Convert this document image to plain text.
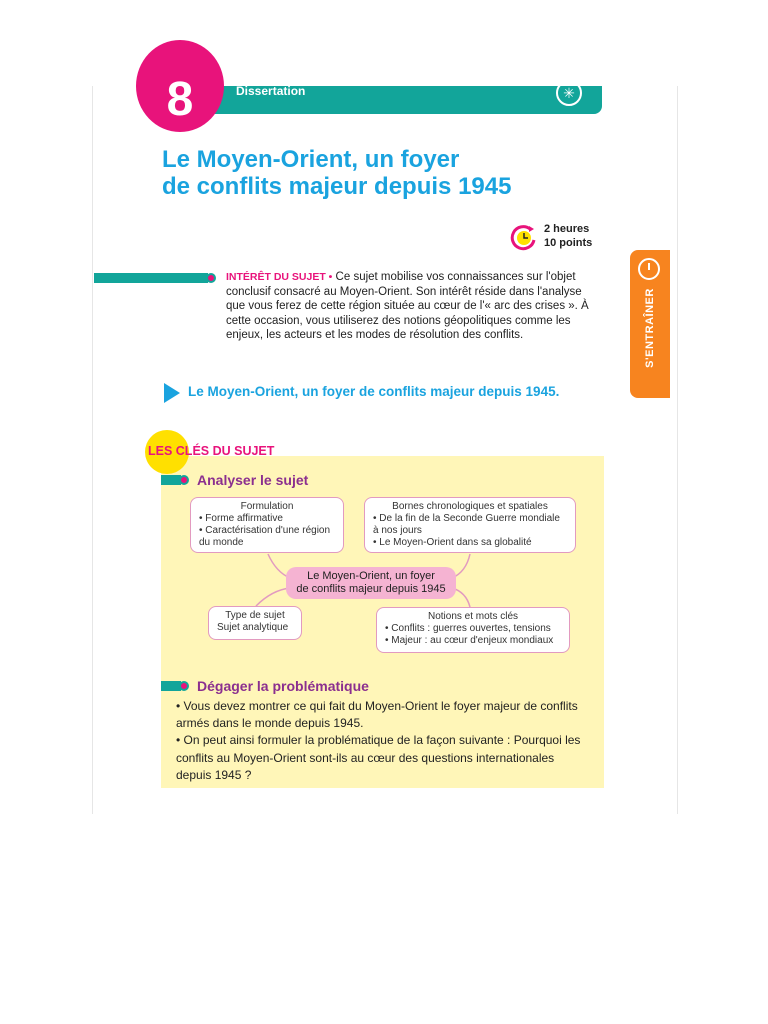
8	Dissertation	✳
Le Moyen-Orient, un foyer
de conflits majeur depuis 1945
2 heures
10 points
S'ENTRAÎNER
INTÉRÊT DU SUJET • Ce sujet mobilise vos connaissances sur l'objet conclusif consacré au Moyen-Orient. Son intérêt réside dans l'analyse que vous ferez de cette région située au cœur de l'« arc des crises ». À cette occasion, vous utiliserez des notions géopolitiques comme les enjeux, les acteurs et les modes de résolution des conflits.
Le Moyen-Orient, un foyer de conflits majeur depuis 1945.
LES CLÉS DU SUJET
Analyser le sujet
Formulation
• Forme affirmative
• Caractérisation d'une région
du monde
Bornes chronologiques et spatiales
• De la fin de la Seconde Guerre mondiale
à nos jours
• Le Moyen-Orient dans sa globalité
Le Moyen-Orient, un foyer
de conflits majeur depuis 1945
Type de sujet
Sujet analytique
Notions et mots clés
• Conflits : guerres ouvertes, tensions
• Majeur : au cœur d'enjeux mondiaux
Dégager la problématique
• Vous devez montrer ce qui fait du Moyen-Orient le foyer majeur de conflits armés dans le monde depuis 1945.
• On peut ainsi formuler la problématique de la façon suivante : Pourquoi les conflits au Moyen-Orient sont-ils au cœur des questions internationales depuis 1945 ?
